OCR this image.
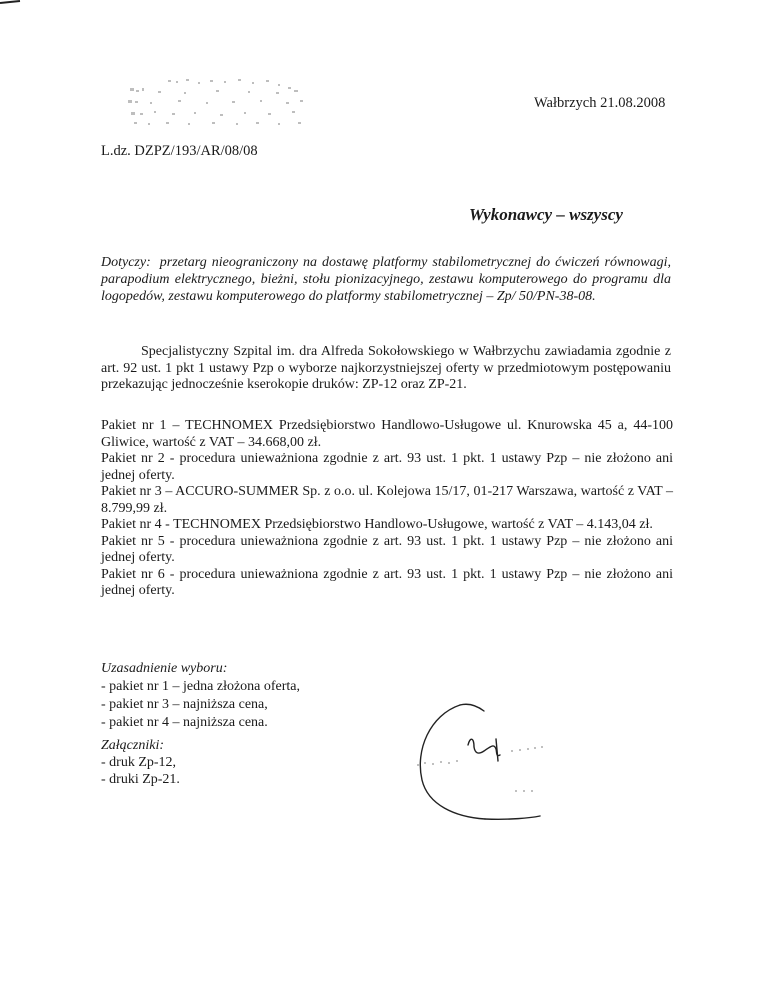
Wałbrzych 21.08.2008
L.dz. DZPZ/193/AR/08/08
Wykonawcy – wszyscy
Dotyczy: przetarg nieograniczony na dostawę platformy stabilometrycznej do ćwiczeń równowagi, parapodium elektrycznego, bieżni, stołu pionizacyjnego, zestawu komputerowego do programu dla logopedów, zestawu komputerowego do platformy stabilometrycznej – Zp/ 50/PN-38-08.
Specjalistyczny Szpital im. dra Alfreda Sokołowskiego w Wałbrzychu zawiadamia zgodnie z art. 92 ust. 1 pkt 1 ustawy Pzp o wyborze najkorzystniejszej oferty w przedmiotowym postępowaniu przekazując jednocześnie kserokopie druków: ZP-12 oraz ZP-21.

Pakiet nr 1 – TECHNOMEX Przedsiębiorstwo Handlowo-Usługowe ul. Knurowska 45 a, 44-100 Gliwice, wartość z VAT – 34.668,00 zł.

Pakiet nr 2 - procedura unieważniona zgodnie z art. 93 ust. 1 pkt. 1 ustawy Pzp – nie złożono ani jednej oferty.

Pakiet nr 3 – ACCURO-SUMMER Sp. z o.o. ul. Kolejowa 15/17, 01-217 Warszawa, wartość z VAT – 8.799,99 zł.

Pakiet nr 4 - TECHNOMEX Przedsiębiorstwo Handlowo-Usługowe, wartość z VAT – 4.143,04 zł.

Pakiet nr 5 - procedura unieważniona zgodnie z art. 93 ust. 1 pkt. 1 ustawy Pzp – nie złożono ani jednej oferty.

Pakiet nr 6 - procedura unieważniona zgodnie z art. 93 ust. 1 pkt. 1 ustawy Pzp – nie złożono ani jednej oferty.

Uzasadnienie wyboru:
- pakiet nr 1 – jedna złożona oferta,
- pakiet nr 3 – najniższa cena,
- pakiet nr 4 – najniższa cena.
Załączniki:
- druk Zp-12,
- druki Zp-21.
